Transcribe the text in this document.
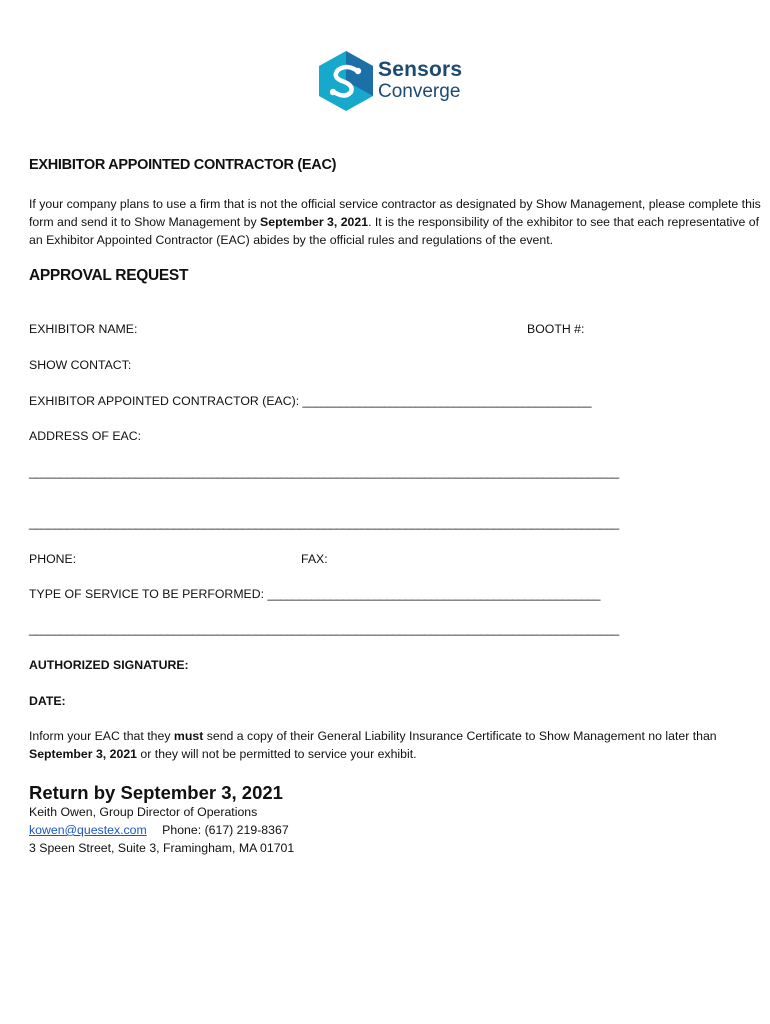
Sensors
Converge
EXHIBITOR APPOINTED CONTRACTOR (EAC)
If your company plans to use a firm that is not the official service contractor as designated by Show Management, please complete this form and send it to Show Management by September 3, 2021. It is the responsibility of the exhibitor to see that each representative of an Exhibitor Appointed Contractor (EAC) abides by the official rules and regulations of the event.
APPROVAL REQUEST
EXHIBITOR NAME:	BOOTH #:
SHOW CONTACT:
EXHIBITOR APPOINTED CONTRACTOR (EAC): ______________________________________________
ADDRESS OF EAC:
______________________________________________________________________________________________
______________________________________________________________________________________________
PHONE:	FAX:
TYPE OF SERVICE TO BE PERFORMED: _____________________________________________________
______________________________________________________________________________________________
AUTHORIZED SIGNATURE:
DATE:
Inform your EAC that they must send a copy of their General Liability Insurance Certificate to Show Management no later than September 3, 2021 or they will not be permitted to service your exhibit.
Return by September 3, 2021
Keith Owen, Group Director of Operations
kowen@questex.com Phone: (617) 219-8367
3 Speen Street, Suite 3, Framingham, MA 01701
